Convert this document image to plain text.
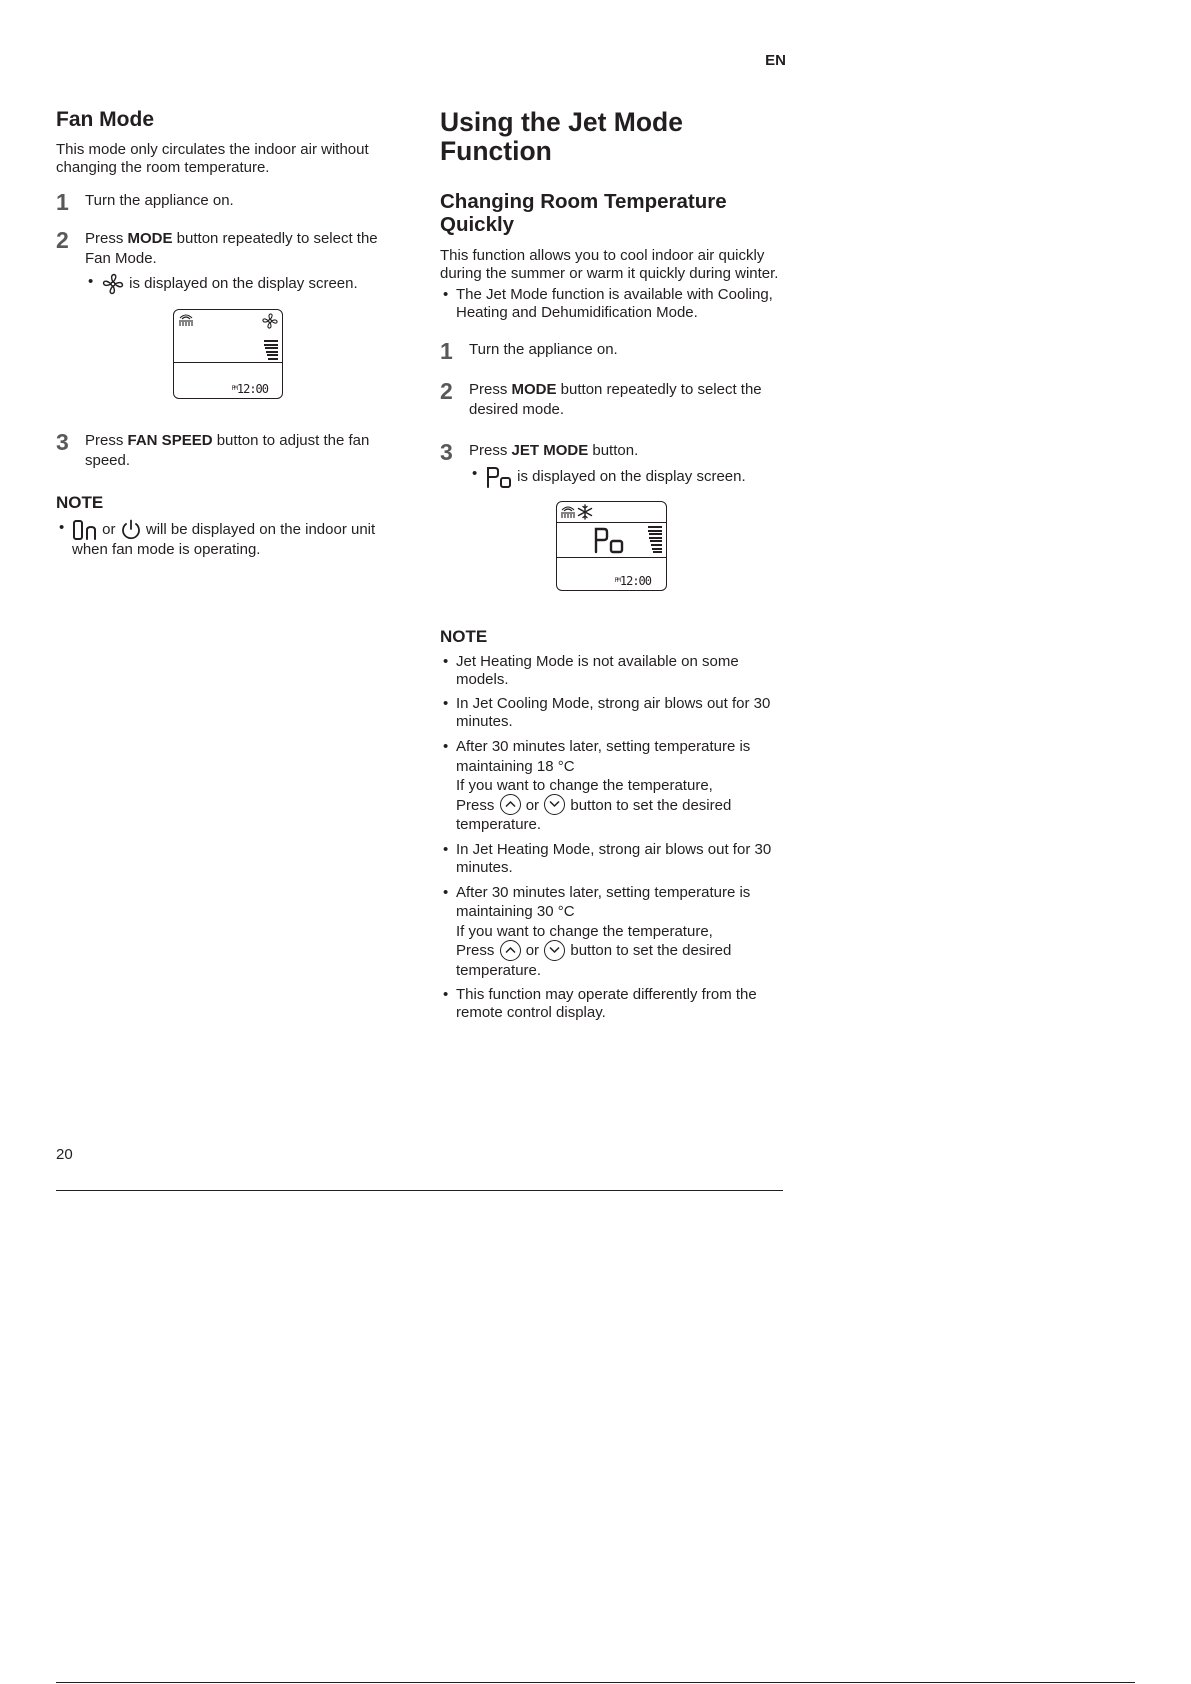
EN
Fan Mode

This mode only circulates the indoor air without changing the room temperature.

1 Turn the appliance on.
2 Press MODE button repeatedly to select the Fan Mode.
• is displayed on the display screen.
$^{PM}$12:00
3 Press FAN SPEED button to adjust the fan speed.
NOTE
•	or will be displayed on the indoor unit when fan mode is operating.
Using the Jet Mode Function
Changing Room Temperature Quickly

This function allows you to cool indoor air quickly during the summer or warm it quickly during winter.

• The Jet Mode function is available with Cooling, Heating and Dehumidification Mode.
1 Turn the appliance on.
2 Press MODE button repeatedly to select the desired mode.
3 Press JET MODE button.
•	is displayed on the display screen.
$^{PM}$12:00
NOTE
• Jet Heating Mode is not available on some models.
• In Jet Cooling Mode, strong air blows out for 30 minutes.
• After 30 minutes later, setting temperature is maintaining 18 °C
If you want to change the temperature,
Press or button to set the desired temperature.
• In Jet Heating Mode, strong air blows out for 30 minutes.
• After 30 minutes later, setting temperature is maintaining 30 °C
If you want to change the temperature,
Press or button to set the desired temperature.
• This function may operate differently from the remote control display.
20
